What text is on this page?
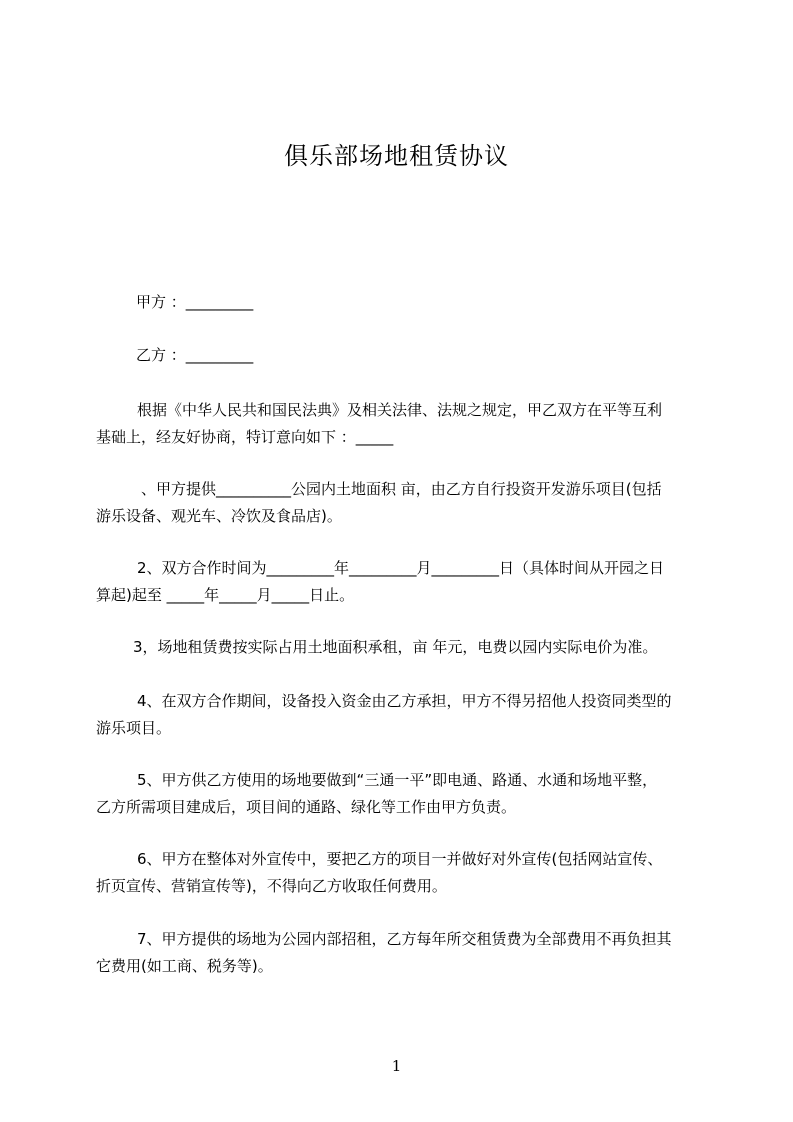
俱乐部场地租赁协议

甲方 ：_________

乙方 ：_________

根据《中华人民共和国民法典》及相关法律、法规之规定，甲乙双方在平等互利

基础上，经友好协商，特订意向如下 ：_____

、甲方提供__________公园内土地面积 亩，由乙方自行投资开发游乐项目(包括

游乐设备、观光车、冷饮及食品店)。

2、双方合作时间为_________年_________月_________日（具体时间从开园之日

算起)起至 _____年_____月_____日止。

3，场地租赁费按实际占用土地面积承租，亩 年元，电费以园内实际电价为准。

4、在双方合作期间，设备投入资金由乙方承担，甲方不得另招他人投资同类型的

游乐项目。

5、甲方供乙方使用的场地要做到“三通一平”即电通、路通、水通和场地平整，

乙方所需项目建成后，项目间的通路、绿化等工作由甲方负责。

6、甲方在整体对外宣传中，要把乙方的项目一并做好对外宣传(包括网站宣传、

折页宣传、营销宣传等)，不得向乙方收取任何费用。

7、甲方提供的场地为公园内部招租，乙方每年所交租赁费为全部费用不再负担其

它费用(如工商、税务等)。

1
